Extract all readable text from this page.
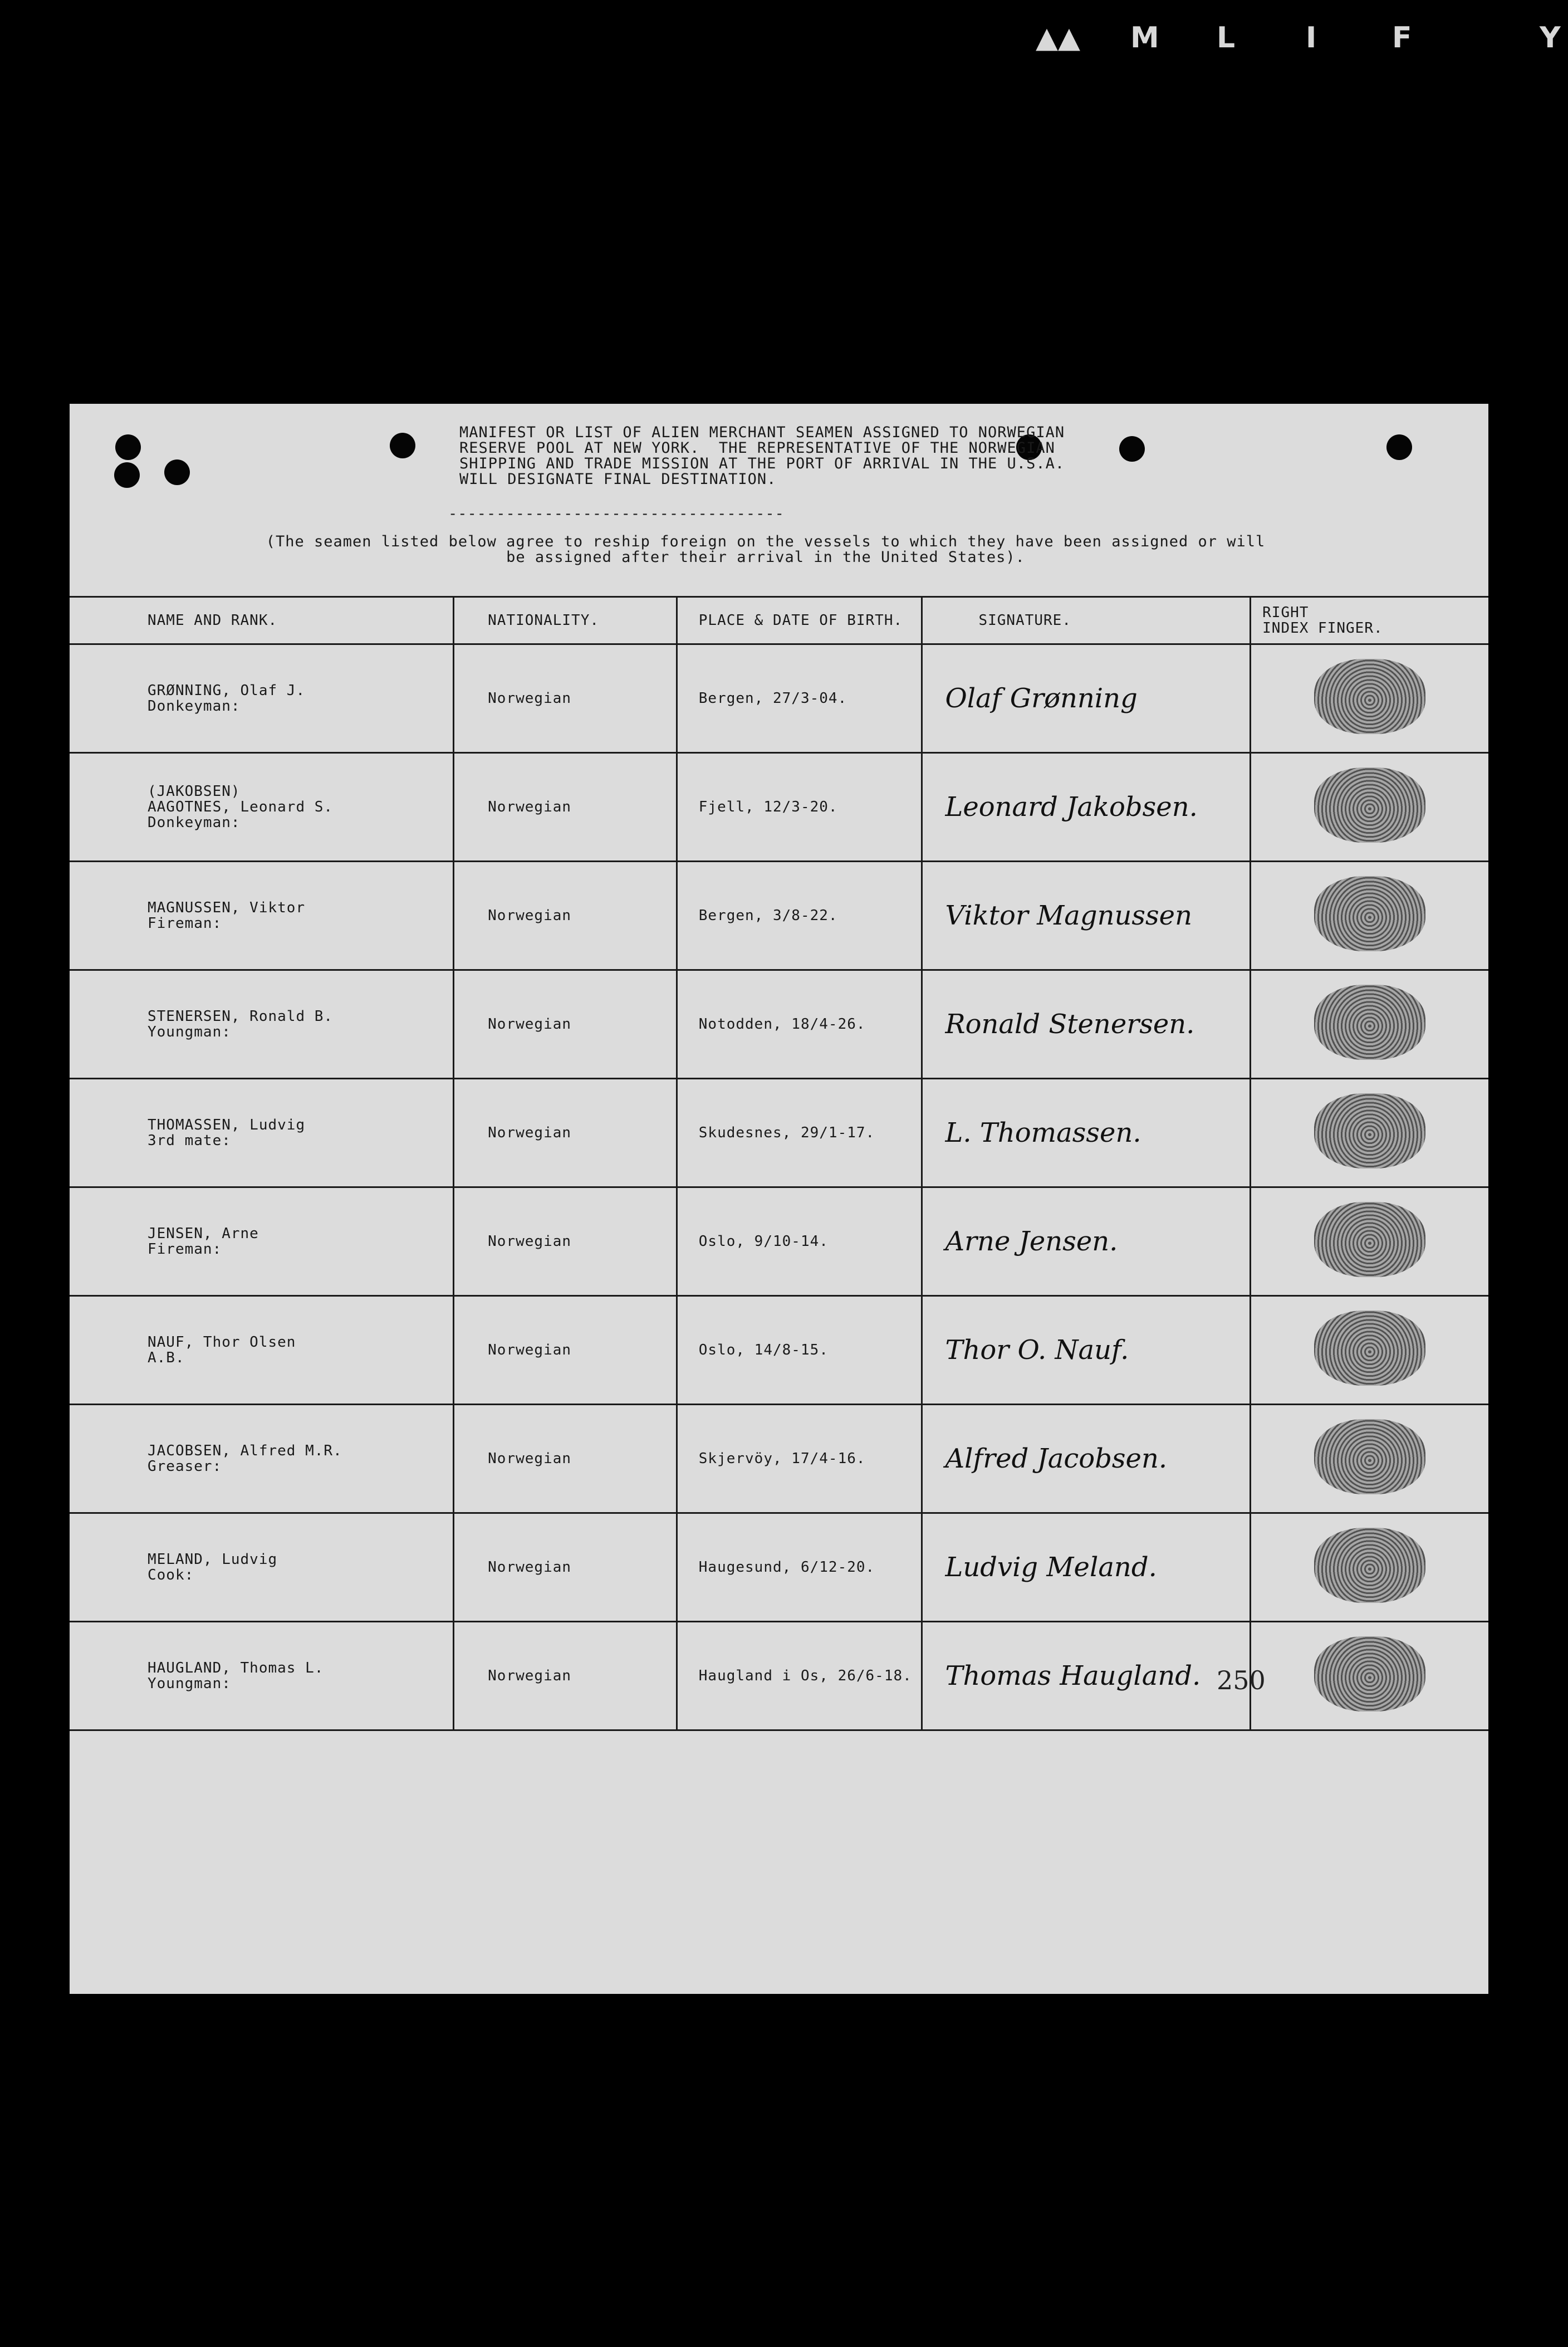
Y
F
I
L
M
▲▲
MANIFEST OR LIST OF ALIEN MERCHANT SEAMEN ASSIGNED TO NORWEGIAN
RESERVE POOL AT NEW YORK.  THE REPRESENTATIVE OF THE NORWEGIAN
SHIPPING AND TRADE MISSION AT THE PORT OF ARRIVAL IN THE U.S.A.
WILL DESIGNATE FINAL DESTINATION.
-----------------------------------
(The seamen listed below agree to reship foreign on the vessels to which they have been assigned or will be assigned after their arrival in the United States).
NAME AND RANK.	NATIONALITY.	PLACE & DATE OF BIRTH.	SIGNATURE.	RIGHT
INDEX FINGER.

GRØNNING, Olaf J.
Donkeyman:	Norwegian	Bergen, 27/3-04.	Olaf Grønning	

(JAKOBSEN)
AAGOTNES, Leonard S.
Donkeyman:	Norwegian	Fjell, 12/3-20.	Leonard Jakobsen.	

MAGNUSSEN, Viktor
Fireman:	Norwegian	Bergen, 3/8-22.	Viktor Magnussen	

STENERSEN, Ronald B.
Youngman:	Norwegian	Notodden, 18/4-26.	Ronald Stenersen.	

THOMASSEN, Ludvig
3rd mate:	Norwegian	Skudesnes, 29/1-17.	L. Thomassen.	

JENSEN, Arne
Fireman:	Norwegian	Oslo, 9/10-14.	Arne Jensen.	

NAUF, Thor Olsen
A.B.	Norwegian	Oslo, 14/8-15.	Thor O. Nauf.	

JACOBSEN, Alfred M.R.
Greaser:	Norwegian	Skjervöy, 17/4-16.	Alfred Jacobsen.	

MELAND, Ludvig
Cook:	Norwegian	Haugesund, 6/12-20.	Ludvig Meland.	

HAUGLAND, Thomas L.
Youngman:	Norwegian	Haugland i Os, 26/6-18.	Thomas Haugland.	250
